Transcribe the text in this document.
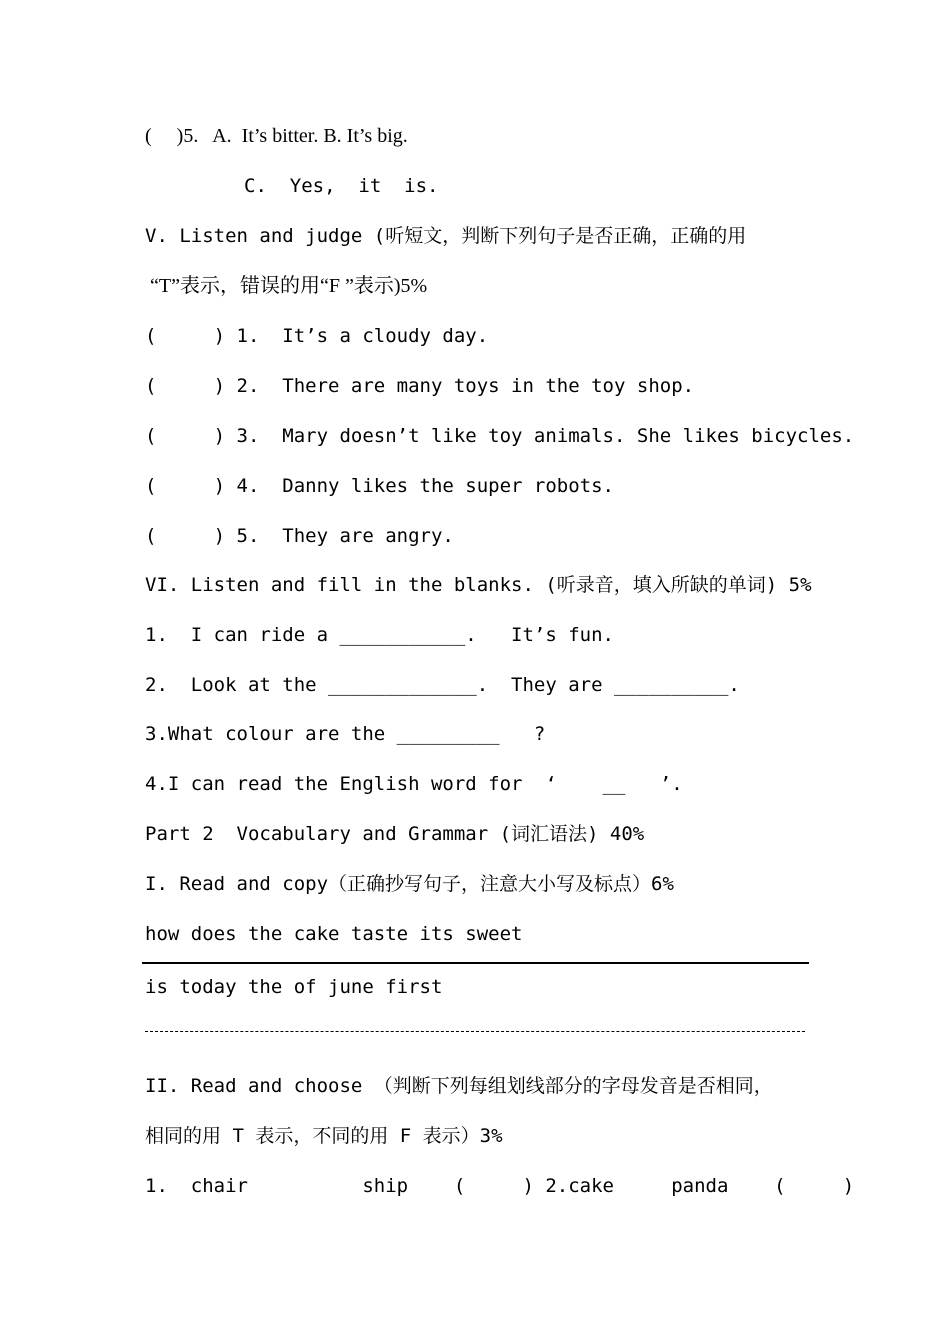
(     )5.   A.  It’s bitter. B. It’s big.
C.  Yes,  it  is.
V. Listen and judge (听短文，判断下列句子是否正确，正确的用
“T”表示，错误的用“F ”表示)5%
(     ) 1.  It’s a cloudy day.
(     ) 2.  There are many toys in the toy shop.
(     ) 3.  Mary doesn’t like toy animals. She likes bicycles.
(     ) 4.  Danny likes the super robots.
(     ) 5.  They are angry.
VI. Listen and fill in the blanks. (听录音，填入所缺的单词) 5%
1.  I can ride a ___________.   It’s fun.
2.  Look at the _____________.  They are __________.
3.What colour are the _________   ?
4.I can read the English word for  ‘    __   ’.
Part 2  Vocabulary and Grammar (词汇语法) 40%
I. Read and copy（正确抄写句子，注意大小写及标点）6%
how does the cake taste its sweet
is today the of june first
II. Read and choose （判断下列每组划线部分的字母发音是否相同，
相同的用 T 表示，不同的用 F 表示）3%
1.  chair          ship    (     ) 2.cake     panda    (     )
